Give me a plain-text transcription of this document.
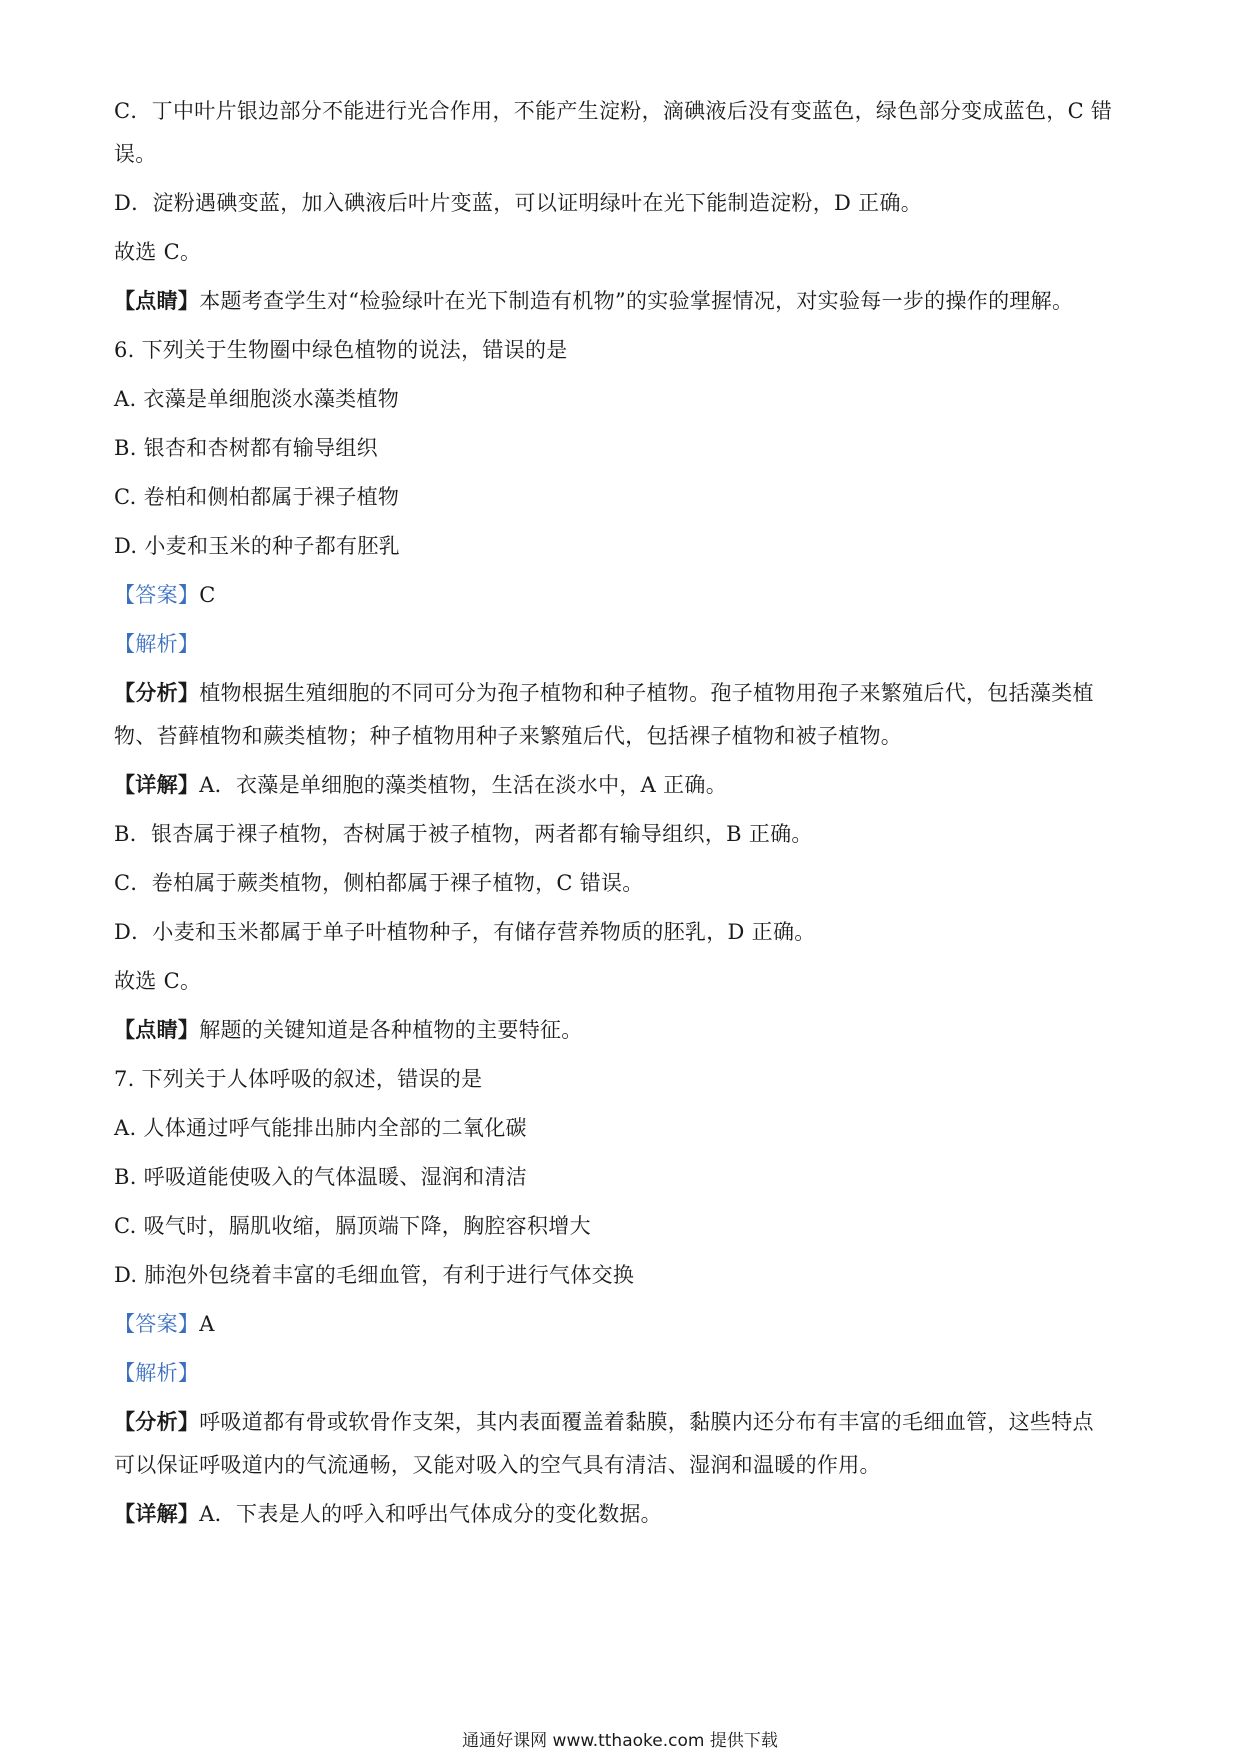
C．丁中叶片银边部分不能进行光合作用，不能产生淀粉，滴碘液后没有变蓝色，绿色部分变成蓝色，C 错
误。
D．淀粉遇碘变蓝，加入碘液后叶片变蓝，可以证明绿叶在光下能制造淀粉，D 正确。
故选 C。
【点睛】本题考查学生对“检验绿叶在光下制造有机物”的实验掌握情况，对实验每一步的操作的理解。
6. 下列关于生物圈中绿色植物的说法，错误的是
A. 衣藻是单细胞淡水藻类植物
B. 银杏和杏树都有输导组织
C. 卷柏和侧柏都属于裸子植物
D. 小麦和玉米的种子都有胚乳
【答案】C
【解析】
【分析】植物根据生殖细胞的不同可分为孢子植物和种子植物。孢子植物用孢子来繁殖后代，包括藻类植
物、苔藓植物和蕨类植物；种子植物用种子来繁殖后代，包括裸子植物和被子植物。
【详解】A．衣藻是单细胞的藻类植物，生活在淡水中，A 正确。
B．银杏属于裸子植物，杏树属于被子植物，两者都有输导组织，B 正确。
C．卷柏属于蕨类植物，侧柏都属于裸子植物，C 错误。
D．小麦和玉米都属于单子叶植物种子，有储存营养物质的胚乳，D 正确。
故选 C。
【点睛】解题的关键知道是各种植物的主要特征。
7. 下列关于人体呼吸的叙述，错误的是
A. 人体通过呼气能排出肺内全部的二氧化碳
B. 呼吸道能使吸入的气体温暖、湿润和清洁
C. 吸气时，膈肌收缩，膈顶端下降，胸腔容积增大
D. 肺泡外包绕着丰富的毛细血管，有利于进行气体交换
【答案】A
【解析】
【分析】呼吸道都有骨或软骨作支架，其内表面覆盖着黏膜，黏膜内还分布有丰富的毛细血管，这些特点
可以保证呼吸道内的气流通畅，又能对吸入的空气具有清洁、湿润和温暖的作用。
【详解】A．下表是人的呼入和呼出气体成分的变化数据。
通通好课网 www.tthaoke.com 提供下载
